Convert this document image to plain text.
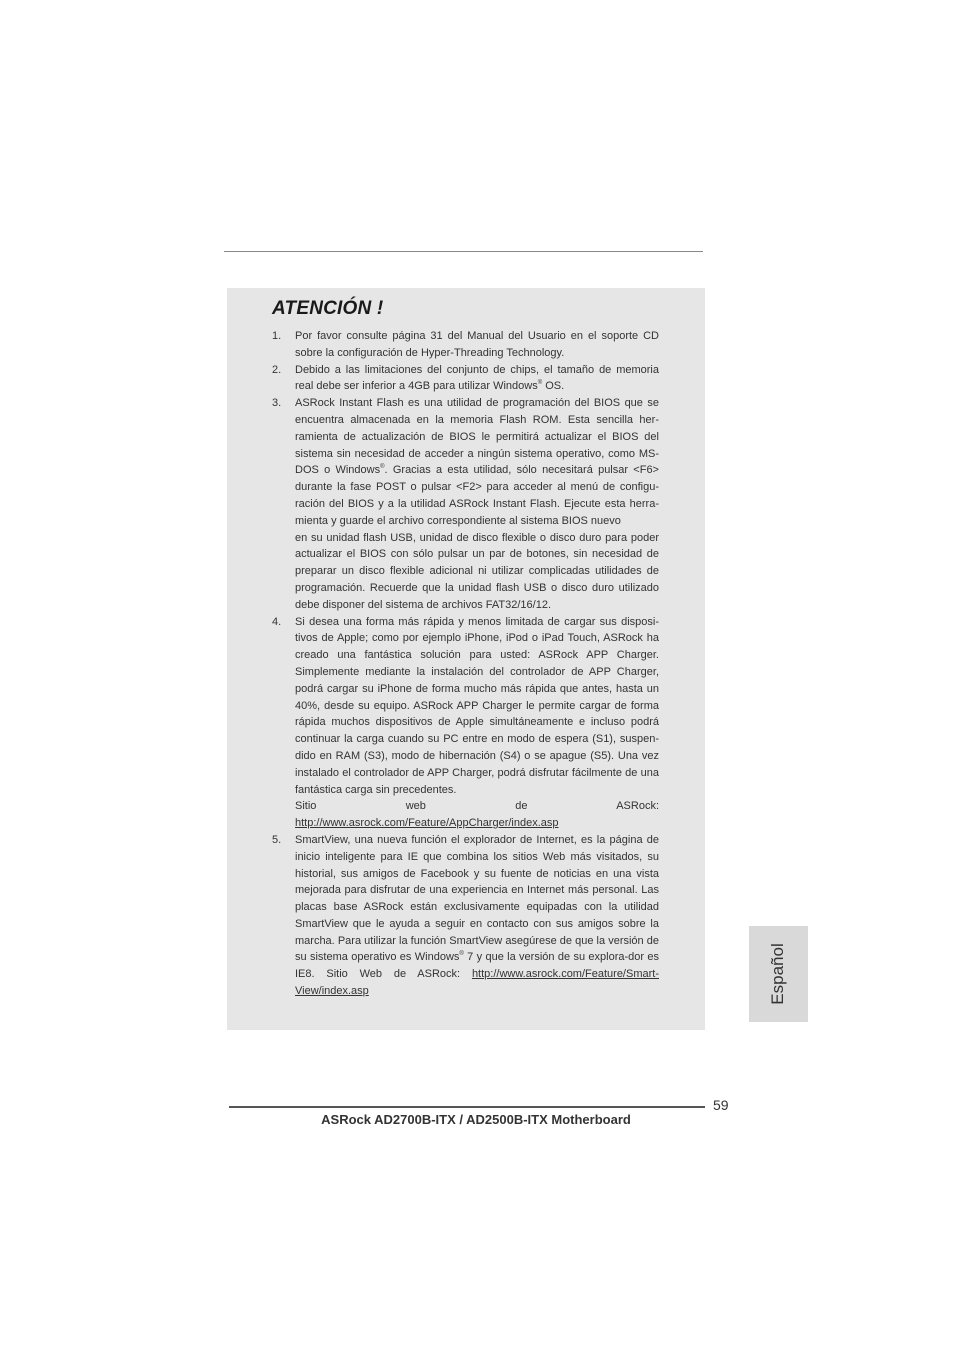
ATENCIÓN !
1. Por favor consulte página 31 del Manual del Usuario en el soporte CD sobre la configuración de Hyper-Threading Technology.

2. Debido a las limitaciones del conjunto de chips, el tamaño de memoria real debe ser inferior a 4GB para utilizar Windows® OS.

3. ASRock Instant Flash es una utilidad de programación del BIOS que se encuentra almacenada en la memoria Flash ROM. Esta sencilla her-ramienta de actualización de BIOS le permitirá actualizar el BIOS del sistema sin necesidad de acceder a ningún sistema operativo, como MS-DOS o Windows®. Gracias a esta utilidad, sólo necesitará pulsar <F6> durante la fase POST o pulsar <F2> para acceder al menú de configu-ración del BIOS y a la utilidad ASRock Instant Flash. Ejecute esta herra-mienta y guarde el archivo correspondiente al sistema BIOS nuevo

en su unidad flash USB, unidad de disco flexible o disco duro para poder actualizar el BIOS con sólo pulsar un par de botones, sin necesidad de preparar un disco flexible adicional ni utilizar complicadas utilidades de programación. Recuerde que la unidad flash USB o disco duro utilizado debe disponer del sistema de archivos FAT32/16/12.

4. Si desea una forma más rápida y menos limitada de cargar sus disposi-tivos de Apple; como por ejemplo iPhone, iPod o iPad Touch, ASRock ha creado una fantástica solución para usted: ASRock APP Charger. Simplemente mediante la instalación del controlador de APP Charger, podrá cargar su iPhone de forma mucho más rápida que antes, hasta un 40%, desde su equipo. ASRock APP Charger le permite cargar de forma rápida muchos dispositivos de Apple simultáneamente e incluso podrá continuar la carga cuando su PC entre en modo de espera (S1), suspen-dido en RAM (S3), modo de hibernación (S4) o se apague (S5). Una vez instalado el controlador de APP Charger, podrá disfrutar fácilmente de una fantástica carga sin precedentes.

Sitio web de ASRock: http://www.asrock.com/Feature/AppCharger/index.asp

5. SmartView, una nueva función el explorador de Internet, es la página de inicio inteligente para IE que combina los sitios Web más visitados, su historial, sus amigos de Facebook y su fuente de noticias en una vista mejorada para disfrutar de una experiencia en Internet más personal. Las placas base ASRock están exclusivamente equipadas con la utilidad SmartView que le ayuda a seguir en contacto con sus amigos sobre la marcha. Para utilizar la función SmartView asegúrese de que la versión de su sistema operativo es Windows® 7 y que la versión de su explora-dor es IE8. Sitio Web de ASRock: http://www.asrock.com/Feature/Smart-View/index.asp	Español
59
ASRock AD2700B-ITX / AD2500B-ITX Motherboard
